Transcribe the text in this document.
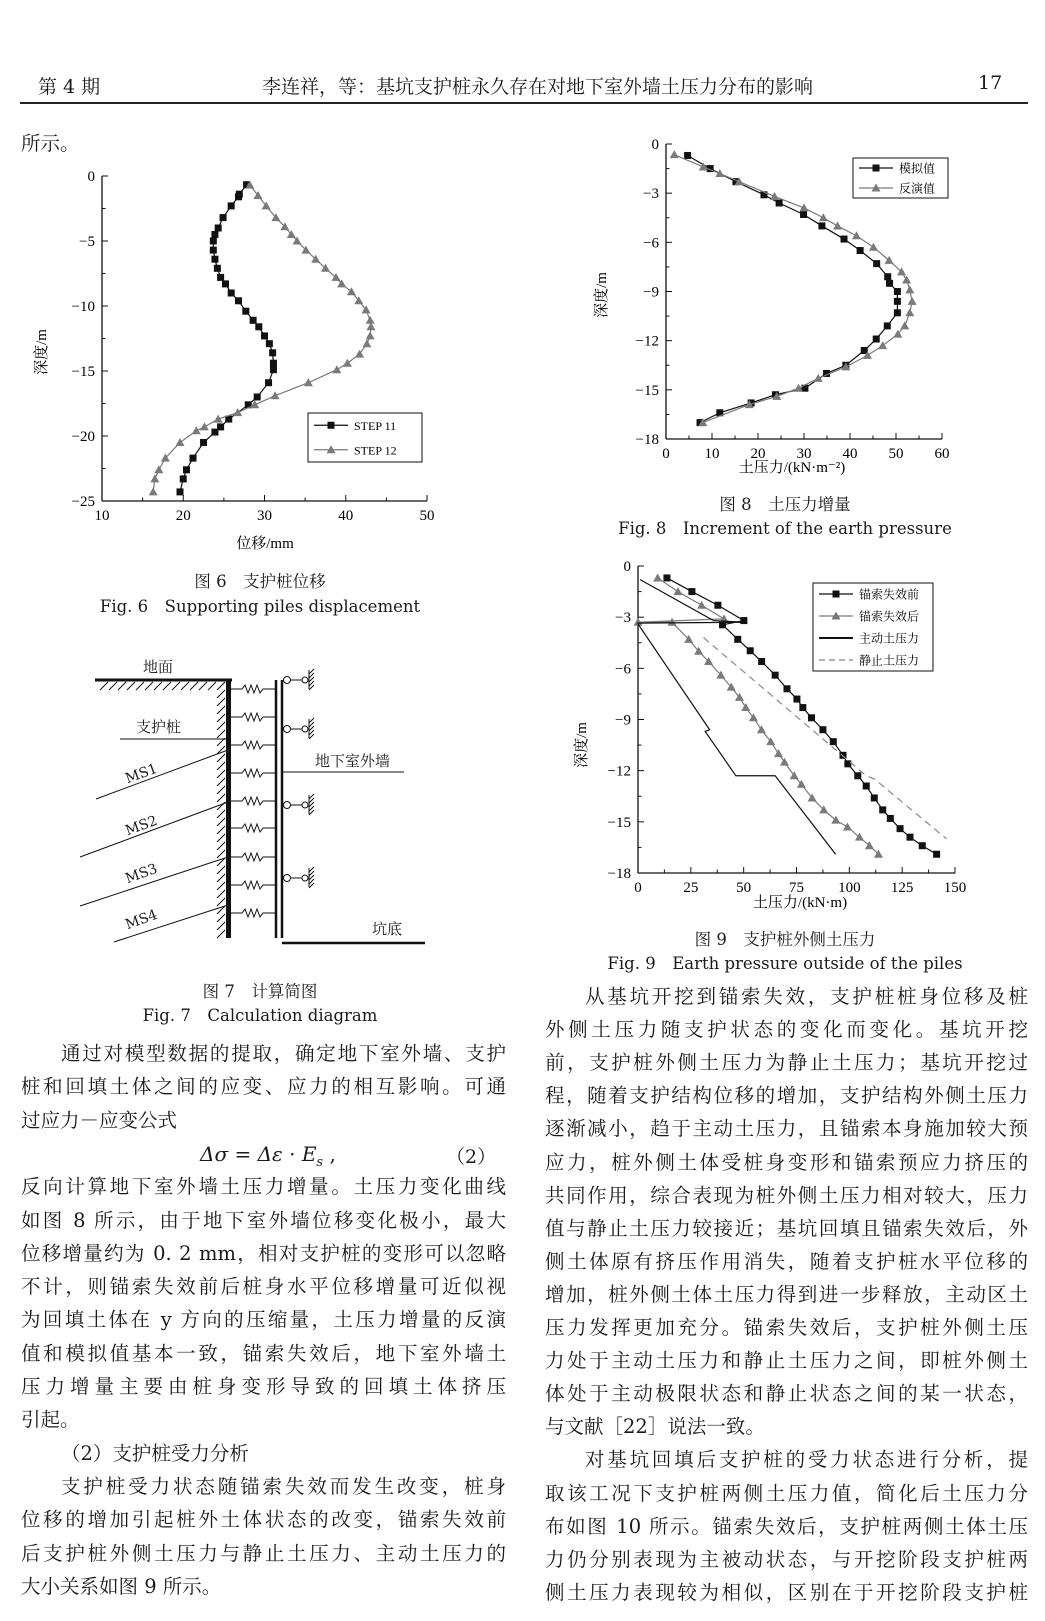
第 4 期	李连祥，等：基坑支护桩永久存在对地下室外墙土压力分布的影响	17
所示。
10	20	30	40	50
0
−5
−10
−15
−20
−25
位移/mm
深度/m
STEP 11
STEP 12	0 10 20 30 40 50 60
0
−3
−6
−9
−12
−15
−18
土压力/(kN·m⁻²)
深度/m
模拟值
反演值
0	25	50	75 100 125 150
0
−3
−6
−9
−12
−15
−18
土压力/(kN·m)
深度/m
锚索失效前
锚索失效后
主动土压力
静止土压力
地面
支护桩
地下室外墙
MS1
MS2
MS3
MS4	坑底
图 6　支护桩位移
Fig. 6　Supporting piles displacement
图 7　计算简图
Fig. 7　Calculation diagram
图 8　土压力增量
Fig. 8　Increment of the earth pressure
图 9　支护桩外侧土压力
Fig. 9　Earth pressure outside of the piles
$\Delta\sigma = \Delta\varepsilon \cdot E_s$ ,	（2）
通过对模型数据的提取，确定地下室外墙、支护
桩和回填土体之间的应变、应力的相互影响。可通
过应力－应变公式
反向计算地下室外墙土压力增量。土压力变化曲线
如图 8 所示，由于地下室外墙位移变化极小，最大
位移增量约为 0. 2 mm，相对支护桩的变形可以忽略
不计，则锚索失效前后桩身水平位移增量可近似视
为回填土体在 y 方向的压缩量，土压力增量的反演
值和模拟值基本一致，锚索失效后，地下室外墙土
压力增量主要由桩身变形导致的回填土体挤压
引起。
（2）支护桩受力分析
支护桩受力状态随锚索失效而发生改变，桩身
位移的增加引起桩外土体状态的改变，锚索失效前
后支护桩外侧土压力与静止土压力、主动土压力的
大小关系如图 9 所示。
从基坑开挖到锚索失效，支护桩桩身位移及桩
外侧土压力随支护状态的变化而变化。基坑开挖
前，支护桩外侧土压力为静止土压力；基坑开挖过
程，随着支护结构位移的增加，支护结构外侧土压力
逐渐减小，趋于主动土压力，且锚索本身施加较大预
应力，桩外侧土体受桩身变形和锚索预应力挤压的
共同作用，综合表现为桩外侧土压力相对较大，压力
值与静止土压力较接近；基坑回填且锚索失效后，外
侧土体原有挤压作用消失，随着支护桩水平位移的
增加，桩外侧土体土压力得到进一步释放，主动区土
压力发挥更加充分。锚索失效后，支护桩外侧土压
力处于主动土压力和静止土压力之间，即桩外侧土
体处于主动极限状态和静止状态之间的某一状态，
与文献［22］说法一致。
对基坑回填后支护桩的受力状态进行分析，提
取该工况下支护桩两侧土压力值，简化后土压力分
布如图 10 所示。锚索失效后，支护桩两侧土体土压
力仍分别表现为主被动状态，与开挖阶段支护桩两
侧土压力表现较为相似，区别在于开挖阶段支护桩
